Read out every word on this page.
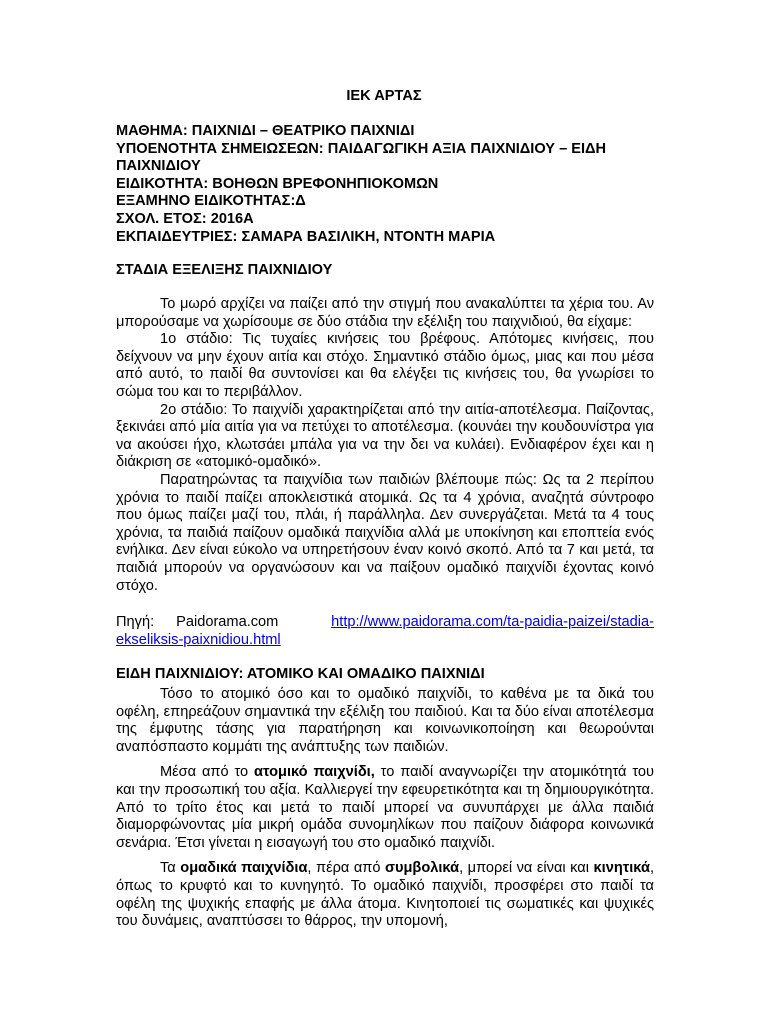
ΙΕΚ ΑΡΤΑΣ
ΜΑΘΗΜΑ: ΠΑΙΧΝΙΔΙ – ΘΕΑΤΡΙΚΟ ΠΑΙΧΝΙΔΙ
ΥΠΟΕΝΟΤΗΤΑ ΣΗΜΕΙΩΣΕΩΝ: ΠΑΙΔΑΓΩΓΙΚΗ ΑΞΙΑ ΠΑΙΧΝΙΔΙΟΥ – ΕΙΔΗ ΠΑΙΧΝΙΔΙΟΥ
ΕΙΔΙΚΟΤΗΤΑ: ΒΟΗΘΩΝ ΒΡΕΦΟΝΗΠΙΟΚΟΜΩΝ
ΕΞΑΜΗΝΟ ΕΙΔΙΚΟΤΗΤΑΣ:Δ
ΣΧΟΛ. ΕΤΟΣ: 2016Α
ΕΚΠΑΙΔΕΥΤΡΙΕΣ: ΣΑΜΑΡΑ ΒΑΣΙΛΙΚΗ, ΝΤΟΝΤΗ ΜΑΡΙΑ
ΣΤΑΔΙΑ ΕΞΕΛΙΞΗΣ ΠΑΙΧΝΙΔΙΟΥ

Το μωρό αρχίζει να παίζει από την στιγμή που ανακαλύπτει τα χέρια του. Αν μπορούσαμε να χωρίσουμε σε δύο στάδια την εξέλιξη του παιχνιδιού, θα είχαμε:

1ο στάδιο: Τις τυχαίες κινήσεις του βρέφους. Απότομες κινήσεις, που δείχνουν να μην έχουν αιτία και στόχο. Σημαντικό στάδιο όμως, μιας και που μέσα από αυτό, το παιδί θα συντονίσει και θα ελέγξει τις κινήσεις του, θα γνωρίσει το σώμα του και το περιβάλλον.

2ο στάδιο: Το παιχνίδι χαρακτηρίζεται από την αιτία-αποτέλεσμα. Παίζοντας, ξεκινάει από μία αιτία για να πετύχει το αποτέλεσμα. (κουνάει την κουδουνίστρα για να ακούσει ήχο, κλωτσάει μπάλα για να την δει να κυλάει). Ενδιαφέρον έχει και η διάκριση σε «ατομικό-ομαδικό».

Παρατηρώντας τα παιχνίδια των παιδιών βλέπουμε πώς: Ως τα 2 περίπου χρόνια το παιδί παίζει αποκλειστικά ατομικά. Ως τα 4 χρόνια, αναζητά σύντροφο που όμως παίζει μαζί του, πλάι, ή παράλληλα. Δεν συνεργάζεται. Μετά τα 4 τους χρόνια, τα παιδιά παίζουν ομαδικά παιχνίδια αλλά με υποκίνηση και εποπτεία ενός ενήλικα. Δεν είναι εύκολο να υπηρετήσουν έναν κοινό σκοπό. Από τα 7 και μετά, τα παιδιά μπορούν να οργανώσουν και να παίξουν ομαδικό παιχνίδι έχοντας κοινό στόχο.

Πηγή: Paidorama.com	http://www.paidorama.com/ta-paidia-paizei/stadia-
ekseliksis-paixnidiou.html
ΕΙΔΗ ΠΑΙΧΝΙΔΙΟΥ: ΑΤΟΜΙΚΟ ΚΑΙ ΟΜΑΔΙΚΟ ΠΑΙΧΝΙΔΙ

Τόσο το ατομικό όσο και το ομαδικό παιχνίδι, το καθένα με τα δικά του οφέλη, επηρεάζουν σημαντικά την εξέλιξη του παιδιού. Και τα δύο είναι αποτέλεσμα της έμφυτης τάσης για παρατήρηση και κοινωνικοποίηση και θεωρούνται αναπόσπαστο κομμάτι της ανάπτυξης των παιδιών.

Μέσα από το ατομικό παιχνίδι, το παιδί αναγνωρίζει την ατομικότητά του και την προσωπική του αξία. Καλλιεργεί την εφευρετικότητα και τη δημιουργικότητα. Από το τρίτο έτος και μετά το παιδί μπορεί να συνυπάρχει με άλλα παιδιά διαμορφώνοντας μία μικρή ομάδα συνομηλίκων που παίζουν διάφορα κοινωνικά σενάρια. Έτσι γίνεται η εισαγωγή του στο ομαδικό παιχνίδι.

Τα ομαδικά παιχνίδια, πέρα από συμβολικά, μπορεί να είναι και κινητικά, όπως το κρυφτό και το κυνηγητό. Το ομαδικό παιχνίδι, προσφέρει στο παιδί τα οφέλη της ψυχικής επαφής με άλλα άτομα. Κινητοποιεί τις σωματικές και ψυχικές του δυνάμεις, αναπτύσσει το θάρρος, την υπομονή,
